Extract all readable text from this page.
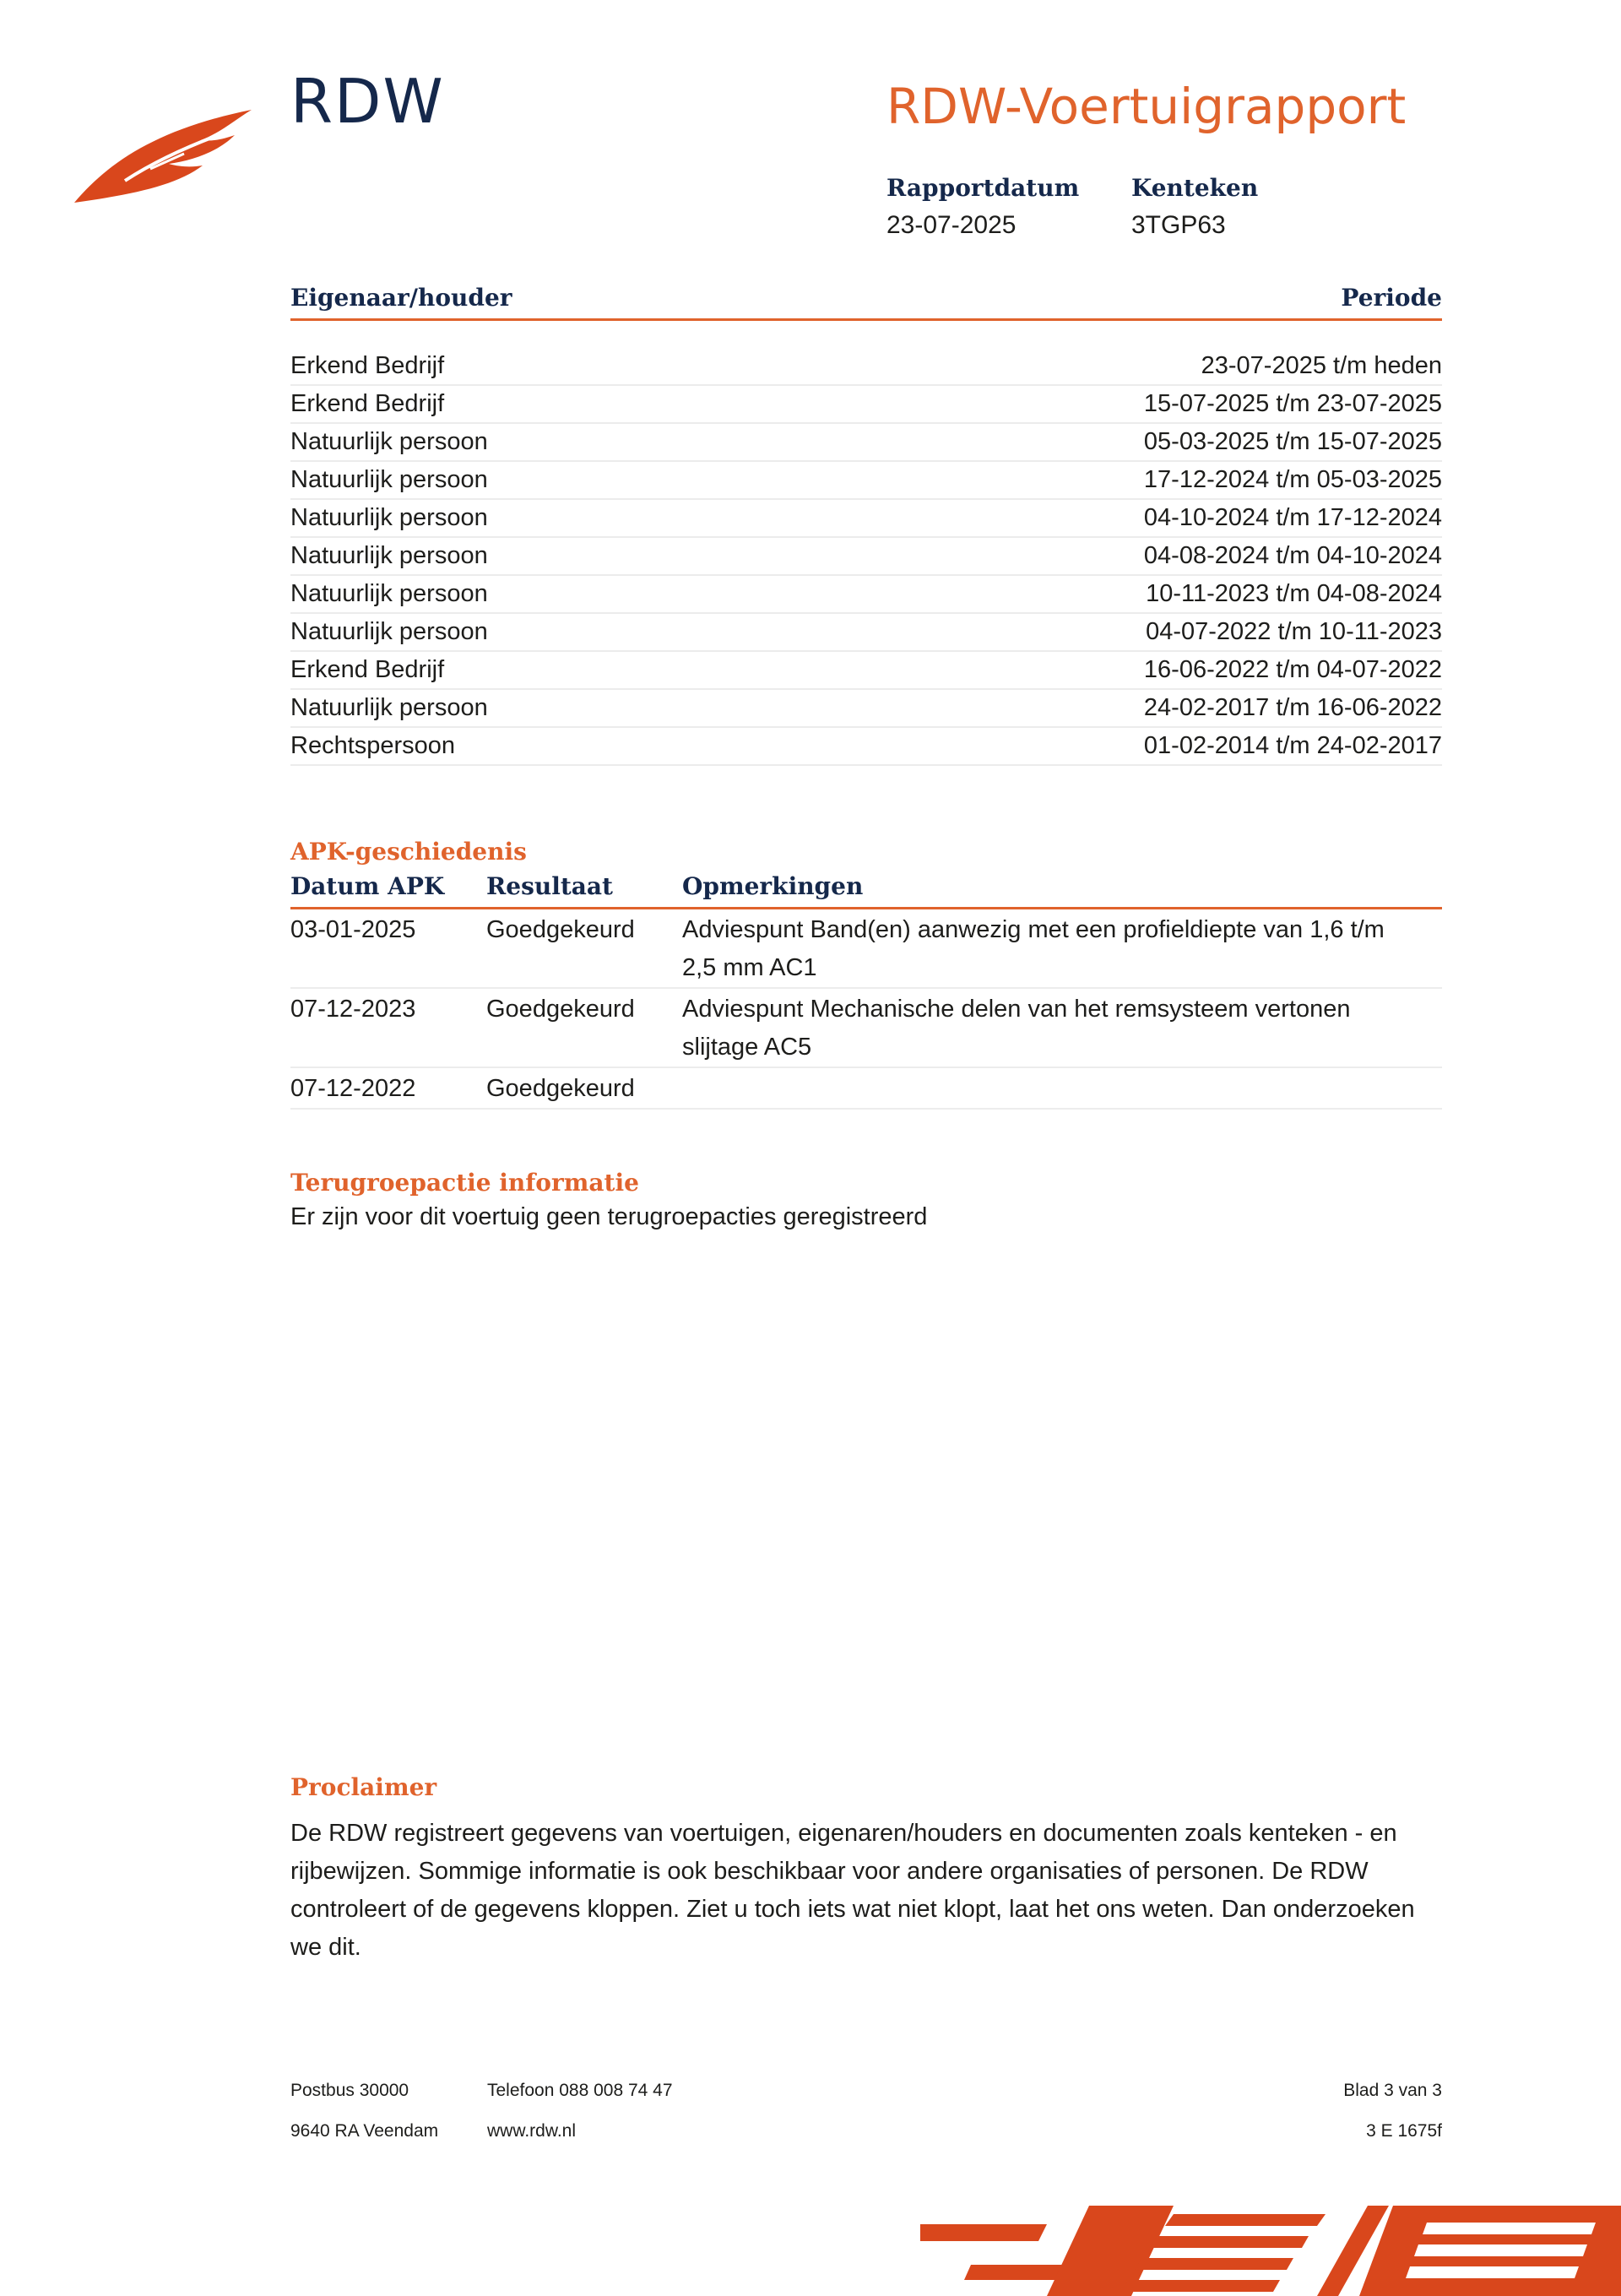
RDW	RDW-Voertuigrapport
Rapportdatum
23-07-2025
Kenteken
3TGP63
Eigenaar/houder	Periode
Erkend Bedrijf	23-07-2025 t/m heden
Erkend Bedrijf	15-07-2025 t/m 23-07-2025
Natuurlijk persoon	05-03-2025 t/m 15-07-2025
Natuurlijk persoon	17-12-2024 t/m 05-03-2025
Natuurlijk persoon	04-10-2024 t/m 17-12-2024
Natuurlijk persoon	04-08-2024 t/m 04-10-2024
Natuurlijk persoon	10-11-2023 t/m 04-08-2024
Natuurlijk persoon	04-07-2022 t/m 10-11-2023
Erkend Bedrijf	16-06-2022 t/m 04-07-2022
Natuurlijk persoon	24-02-2017 t/m 16-06-2022
Rechtspersoon	01-02-2014 t/m 24-02-2017
APK-geschiedenis
Datum APK	Resultaat	Opmerkingen
03-01-2025	Goedgekeurd	Adviespunt Band(en) aanwezig met een profieldiepte van 1,6 t/m
2,5 mm AC1
07-12-2023	Goedgekeurd	Adviespunt Mechanische delen van het remsysteem vertonen
slijtage AC5
07-12-2022	Goedgekeurd
Terugroepactie informatie
Er zijn voor dit voertuig geen terugroepacties geregistreerd
Proclaimer
De RDW registreert gegevens van voertuigen, eigenaren/houders en documenten zoals kenteken - en
rijbewijzen. Sommige informatie is ook beschikbaar voor andere organisaties of personen. De RDW
controleert of de gegevens kloppen. Ziet u toch iets wat niet klopt, laat het ons weten. Dan onderzoeken
we dit.
Postbus 30000
9640 RA Veendam
Telefoon 088 008 74 47
www.rdw.nl
Blad 3 van 3
3 E 1675f
